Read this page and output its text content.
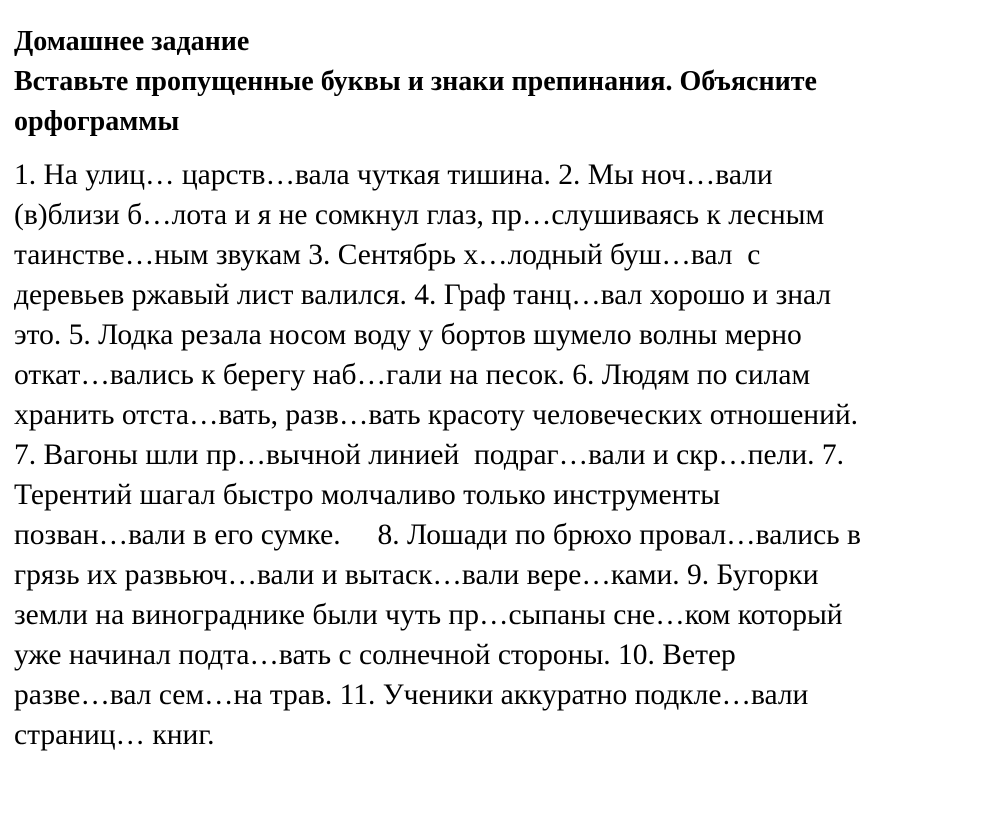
Домашнее задание
Вставьте пропущенные буквы и знаки препинания. Объясните
орфограммы
1. На улиц… царств…вала чуткая тишина. 2. Мы ноч…вали
(в)близи б…лота и я не сомкнул глаз, пр…слушиваясь к лесным
таинстве…ным звукам 3. Сентябрь х…лодный буш…вал  с
деревьев ржавый лист валился. 4. Граф танц…вал хорошо и знал
это. 5. Лодка резала носом воду у бортов шумело волны мерно
откат…вались к берегу наб…гали на песок. 6. Людям по силам
хранить отста…вать, разв…вать красоту человеческих отношений.
7. Вагоны шли пр…вычной линией  подраг…вали и скр…пели. 7.
Терентий шагал быстро молчаливо только инструменты
позван…вали в его сумке.     8. Лошади по брюхо провал…вались в
грязь их развьюч…вали и вытаск…вали вере…ками. 9. Бугорки
земли на винограднике были чуть пр…сыпаны сне…ком который
уже начинал подта…вать с солнечной стороны. 10. Ветер
разве…вал сем…на трав. 11. Ученики аккуратно подкле…вали
страниц… книг.
